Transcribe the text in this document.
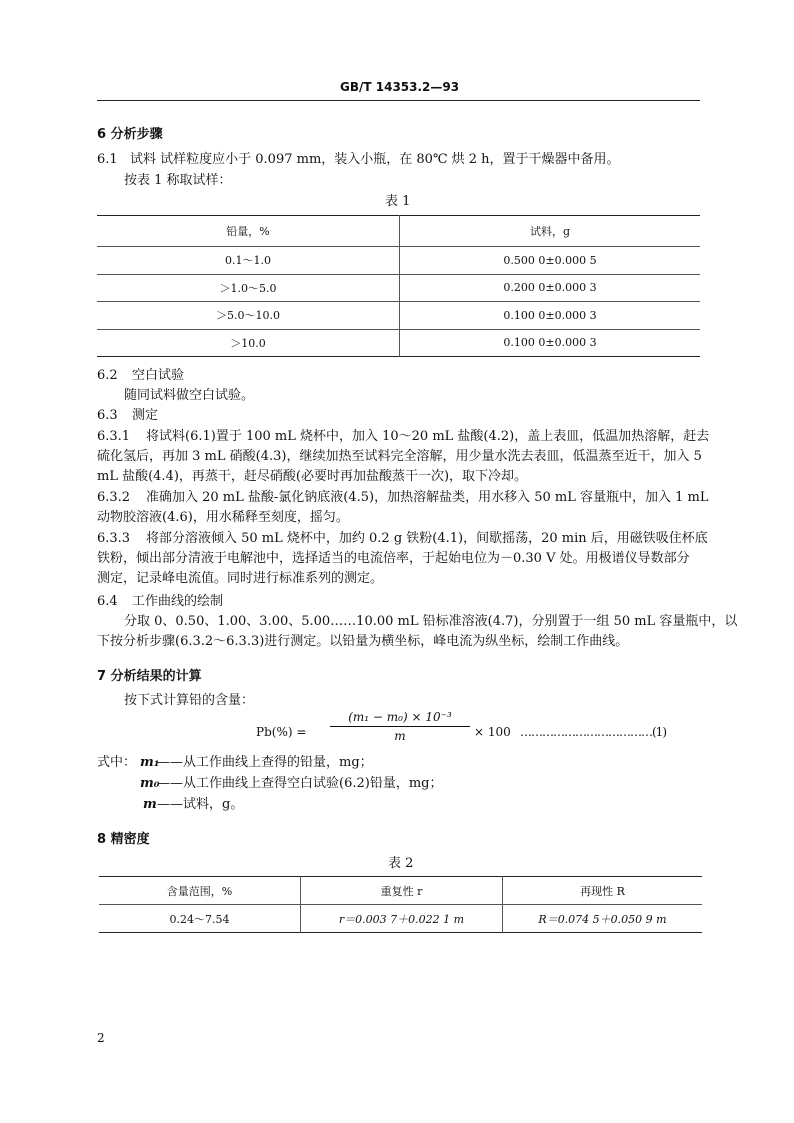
GB/T 14353.2—93
6 分析步骤
6.1 试料 试样粒度应小于 0.097 mm，装入小瓶，在 80℃ 烘 2 h，置于干燥器中备用。
按表 1 称取试样：
表 1
铅量，%	试料，g
0.1～1.0	0.500 0±0.000 5
＞1.0～5.0	0.200 0±0.000 3
＞5.0～10.0	0.100 0±0.000 3
＞10.0	0.100 0±0.000 3
6.2 空白试验
随同试料做空白试验。
6.3 测定
6.3.1 将试料(6.1)置于 100 mL 烧杯中，加入 10～20 mL 盐酸(4.2)，盖上表皿，低温加热溶解，赶去
硫化氢后，再加 3 mL 硝酸(4.3)，继续加热至试料完全溶解，用少量水洗去表皿，低温蒸至近干，加入 5
mL 盐酸(4.4)，再蒸干，赶尽硝酸(必要时再加盐酸蒸干一次)，取下冷却。
6.3.2 准确加入 20 mL 盐酸-氯化钠底液(4.5)，加热溶解盐类，用水移入 50 mL 容量瓶中，加入 1 mL
动物胶溶液(4.6)，用水稀释至刻度，摇匀。
6.3.3 将部分溶液倾入 50 mL 烧杯中，加约 0.2 g 铁粉(4.1)，间歇摇荡，20 min 后，用磁铁吸住杯底
铁粉，倾出部分清液于电解池中，选择适当的电流倍率，于起始电位为－0.30 V 处。用极谱仪导数部分
测定，记录峰电流值。同时进行标准系列的测定。
6.4 工作曲线的绘制
分取 0、0.50、1.00、3.00、5.00……10.00 mL 铅标准溶液(4.7)，分别置于一组 50 mL 容量瓶中，以
下按分析步骤(6.3.2～6.3.3)进行测定。以铅量为横坐标，峰电流为纵坐标，绘制工作曲线。
7 分析结果的计算
按下式计算铅的含量：
$Pb(\%) = \frac{\text{(m₁ − m₀) × 10⁻³}}{m} \times 100$ ………………………………(1)
式中： m₁
——从工作曲线上查得的铅量，mg；
m₀
——从工作曲线上查得空白试验(6.2)铅量，mg；
m ——试料，g。
8 精密度
表 2
含量范围，%	重复性 r	再现性 R
0.24～7.54	r＝0.003 7＋0.022 1 m	R＝0.074 5＋0.050 9 m
2
